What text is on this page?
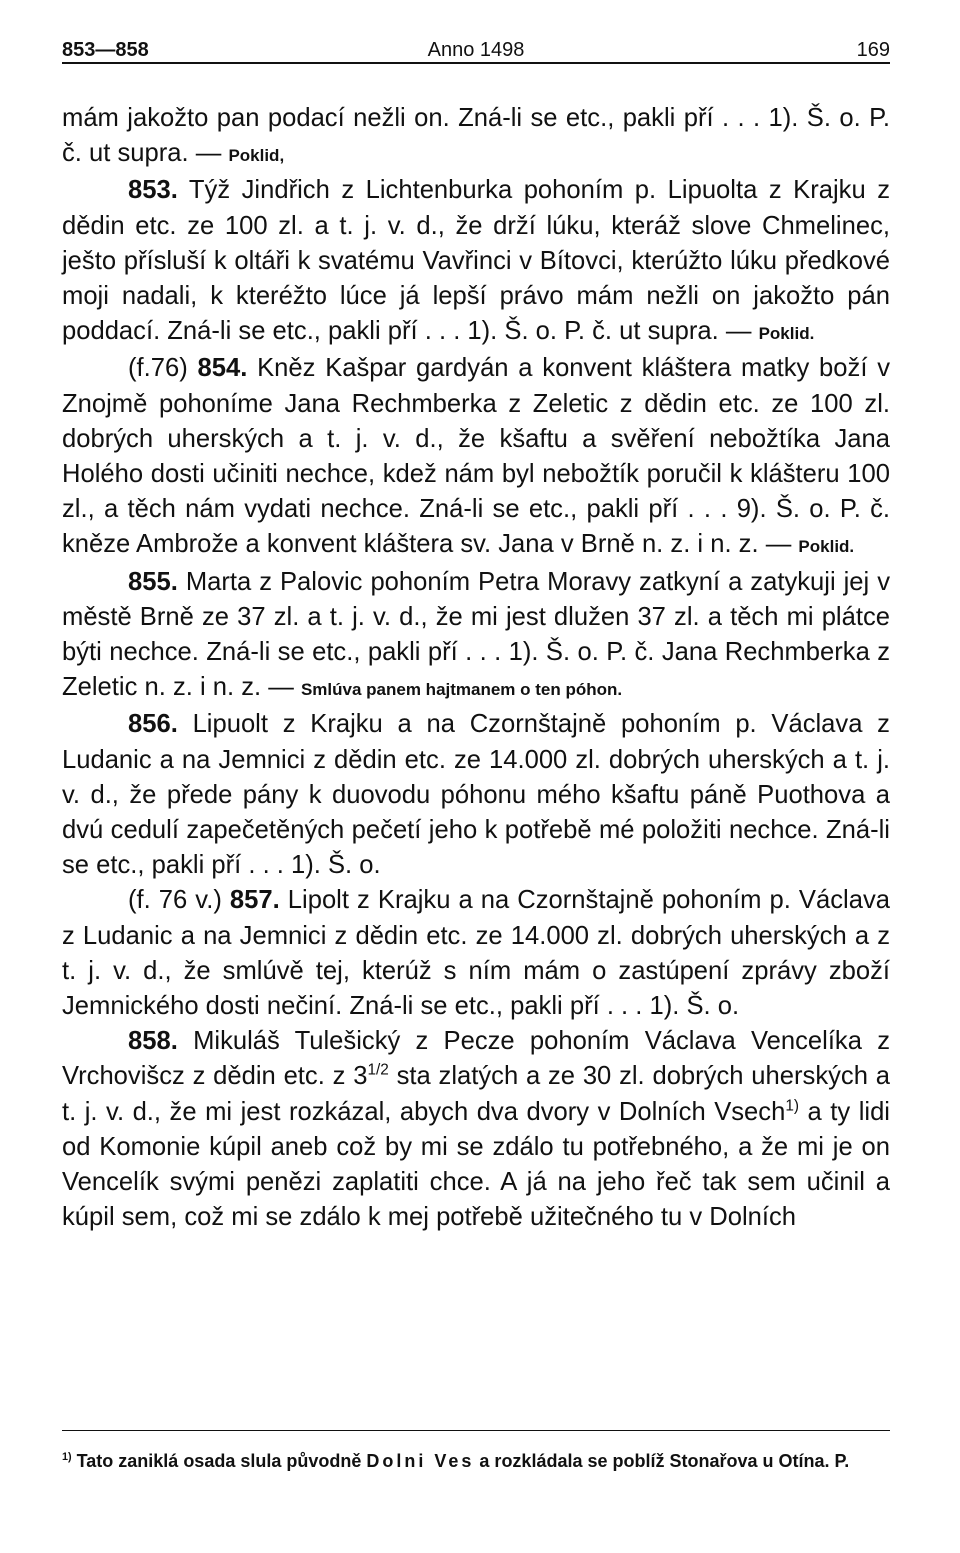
853—858	Anno 1498	169

mám jakožto pan podací nežli on. Zná-li se etc., pakli pří . . . 1). Š. o. P. č. ut supra. — Poklid,

853. Týž Jindřich z Lichtenburka pohoním p. Lipuolta z Krajku z dědin etc. ze 100 zl. a t. j. v. d., že drží lúku, kteráž slove Chmelinec, ješto přísluší k oltáři k svatému Vavřinci v Bítovci, kterúžto lúku předkové moji nadali, k kteréžto lúce já lepší právo mám nežli on jakožto pán poddací. Zná-li se etc., pakli pří . . . 1). Š. o. P. č. ut supra. — Poklid.

(f.76) 854. Kněz Kašpar gardyán a konvent kláštera matky boží v Znojmě pohoníme Jana Rechmberka z Zeletic z dědin etc. ze 100 zl. dobrých uherských a t. j. v. d., že kšaftu a svěření nebožtíka Jana Holého dosti učiniti nechce, kdež nám byl nebožtík poručil k klášteru 100 zl., a těch nám vydati nechce. Zná-li se etc., pakli pří . . . 9). Š. o. P. č. kněze Ambrože a konvent kláštera sv. Jana v Brně n. z. i n. z. — Poklid.

855. Marta z Palovic pohoním Petra Moravy zatkyní a zatykuji jej v městě Brně ze 37 zl. a t. j. v. d., že mi jest dlužen 37 zl. a těch mi plátce býti nechce. Zná-li se etc., pakli pří . . . 1). Š. o. P. č. Jana Rechmberka z Zeletic n. z. i n. z. — Smlúva panem hajtmanem o ten póhon.

856. Lipuolt z Krajku a na Czornštajně pohoním p. Václava z Ludanic a na Jemnici z dědin etc. ze 14.000 zl. dobrých uherských a t. j. v. d., že přede pány k duovodu póhonu mého kšaftu páně Puothova a dvú cedulí zapečetěných pečetí jeho k potřebě mé položiti nechce. Zná-li se etc., pakli pří . . . 1). Š. o.

(f. 76 v.) 857. Lipolt z Krajku a na Czornštajně pohoním p. Václava z Ludanic a na Jemnici z dědin etc. ze 14.000 zl. dobrých uherských a z t. j. v. d., že smlúvě tej, kterúž s ním mám o zastúpení zprávy zboží Jemnického dosti nečiní. Zná-li se etc., pakli pří . . . 1). Š. o.

858. Mikuláš Tulešický z Pecze pohoním Václava Vencelíka z Vrchovišcz z dědin etc. z $3^{1/2}$ sta zlatých a ze 30 zl. dobrých uherských a t. j. v. d., že mi jest rozkázal, abych dva dvory v Dolních Vsech$^{1)}$ a ty lidi od Komonie kúpil aneb což by mi se zdálo tu potřebného, a že mi je on Vencelík svými penězi zaplatiti chce. A já na jeho řeč tak sem učinil a kúpil sem, což mi se zdálo k mej potřebě užitečného tu v Dolních

$^{1)}$ Tato zaniklá osada slula původně Dolni Ves a rozkládala se poblíž Stonařova u Otína. P.
